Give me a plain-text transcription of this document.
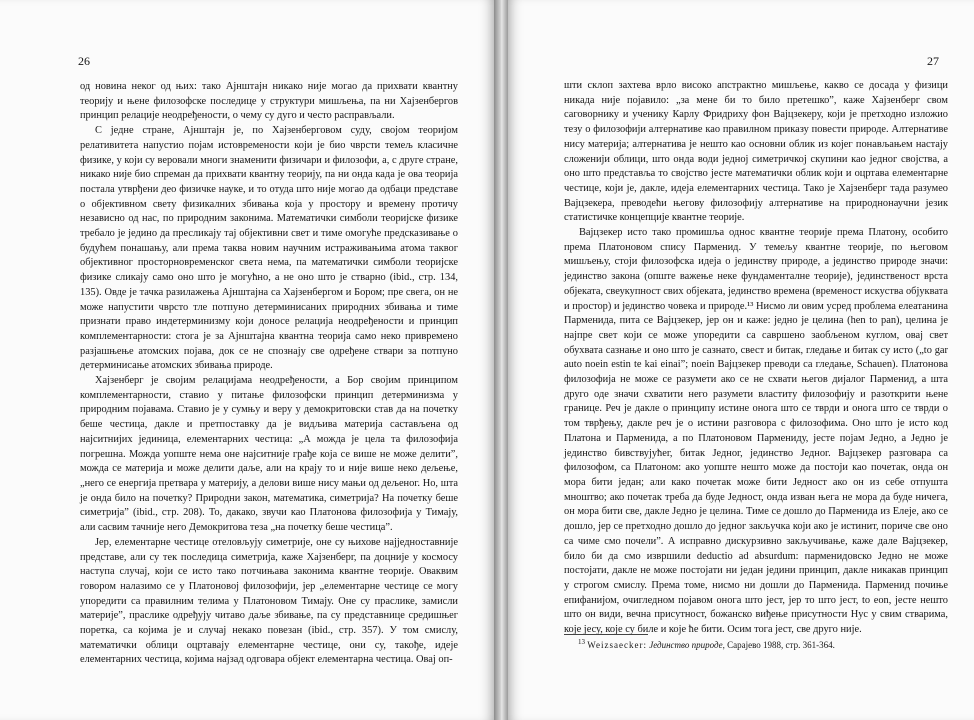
26

од новина неког од њих: тако Ајнштајн никако није могао да прихвати квантну теорију и њене филозофске последице у структури мишљења, па ни Хајзенбергов принцип релације неодређености, о чему су дуго и често расправљали.

С једне стране, Ајнштајн је, по Хајзенберговом суду, својом теоријом релативитета напустио појам истовремености који је био чврсти темељ класичне физике, у који су веровали многи знаменити физичари и филозофи, а, с друге стране, никако није био спреман да прихвати квантну теорију, па ни онда када је ова теорија постала утврђени део физичке науке, и то отуда што није могао да одбаци представе о објективном свету физикалних збивања која у простору и времену протичу независно од нас, по природним законима. Математички симболи теоријске физике требало је једино да пресликају тај објективни свет и тиме омогуће предсказивање о будућем понашању, али према таква новим научним истраживањима атома таквог објективног просторновременског света нема, па математички симболи теоријске физике сликају само оно што је могућно, а не оно што је стварно (ibid., стр. 134, 135). Овде је тачка разилажења Ајнштајна са Хајзенбергом и Бором; пре свега, он не може напустити чврсто тле потпуно детерминисаних природних збивања и тиме признати право индетерминизму који доносе релација неодређености и принцип комплементарности: стога је за Ајнштајна квантна теорија само неко привремено разјашњење атомских појава, док се не спознају све одређене ствари за потпуно детерминисање атомских збивања природе.

Хајзенберг је својим релацијама неодређености, а Бор својим принципом комплементарности, ставио у питање филозофски принцип детерминизма у природним појавама. Ставио је у сумњу и веру у демокритовски став да на почетку беше честица, дакле и претпоставку да је видљива материја састављена од најситнијих јединица, елементарних честица: „А можда је цела та филозофија погрешна. Можда уопште нема оне најситније грађе која се више не може делити”, можда се материја и може делити даље, али на крају то и није више нeко дељење, „него се енергија претвара у материју, а делови више нису мањи од дељеног. Но, шта је онда било на почетку? Природни закон, математика, симетрија? На почетку беше симетрија” (ibid., стр. 208). То, дакако, звучи као Платонова филозофија у Тимају, али сасвим тачније него Демокритова теза „на почетку беше честица”.

Јер, елементарне честице отеловљују симетрије, оне су њихове најједноставније представе, али су тек последица симетрија, каже Хајзенберг, па доцније у космосу наступа случај, који се исто тако потчињава законима квантне теорије. Оваквим говором налазимо се у Платоновој филозофији, јер „елементарне честице се могу упоредити са правилним телима у Платоновом Тимају. Оне су праслике, замисли материје”, праслике одређују читаво даље збивање, па су представнице средишњег поретка, са којима је и случај некако повезан (ibid., стр. 357). У том смислу, математички облици оцртавају елементарне честице, они су, такође, идеје елементарних честица, којима најзад одговара објект елементарна честица. Овај оп-

27

шти склоп захтева врло високо апстрактно мишљење, какво се досада у физици никада није појавило: „за мене би то било претешко”, каже Хајзенберг свом саговорнику и ученику Карлу Фридриху фон Вајцзекеру, који је претходно изложио тезу о филозофији алтернативе као правилном приказу повести природе. Алтернативе нису материја; алтернатива је нешто као основни облик из којег понављањем настају сложенији облици, што онда води једној симетричкој скупини као једног својства, а оно што представља то својство јесте математички облик који и оцртава елементарне честице, који је, дакле, идеја елементарних честица. Тако је Хајзенберг тада разумео Вајцзекера, преводећи његову филозофију алтернативе на природнонаучни језик статистичке концепције квантне теорије.

Вајцзекер исто тако промишља однос квантне теорије према Платону, особито према Платоновом спису Парменид. У темељу квантне теорије, по његовом мишљењу, стоји филозофска идеја о јединству природе, а јединство природе значи: јединство закона (опште важење неке фундаменталне теорије), јединственост врста објеката, свеукупност свих објеката, јединство времена (временост искуства објуквата и простор) и јединство човека и природе.¹³ Нисмо ли овим усред проблема елеатанина Парменида, пита се Вајцзекер, јер он и каже: једно је целина (hen to pan), целина је најпре свет који се може упоредити са савршено заобљеном куглом, овај свет обухвата сазнање и оно што је сазнато, свест и битак, гледање и битак су исто („to gar auto noein estin te kai einai”; noein Вајцзекер преводи са гледање, Schauen). Платонова филозофија не може се разумети ако се не схвати његов дијалог Парменид, а шта друго оде значи схватити него разумети властиту филозофију и разоткрити њене границе. Реч је дакле о принципу истине онога што се тврди и онога што се тврди о том тврђењу, дакле реч је о истини разговора с филозофима. Оно што је исто код Платона и Парменида, а по Платоновом Пармениду, јесте појам Једно, а Једно је јединство бивствујућег, битак Једног, јединство Једног. Вајцзекер разговара са филозофом, са Платоном: ако уопште нешто може да постоји као почетак, онда он мора бити један; али како почетак може бити Једност ако он из себе отпушта мноштво; ако почетак треба да буде Једност, онда изван њега не мора да буде ничега, он мора бити све, дакле Једно је целина. Тиме се дошло до Парменида из Елеје, ако се дошло, јер се претходно дошло до једног закључка који ако је истинит, пориче све оно са чиме смо почели”. А исправно дискурзивно закључивање, каже дале Вајцзекер, било би да смо извршили deductio ad absurdum: парменидовско Једно не може постојати, дакле не може постојати ни један једини принцип, дакле никакав принцип у строгом смислу. Према томе, нисмо ни дошли до Парменида. Парменид почиње епифанијом, очигледном појавом онога што јест, јер то што јест, to eon, јесте нешто што он види, вечна присутност, божанско виђење присутности Нус у свим стварима, које јесу, које су биле и које ће бити. Осим тога јест, све друго није.

$^{13}$ Weizsaecker: Јединство природе, Сарајево 1988, стр. 361-364.
